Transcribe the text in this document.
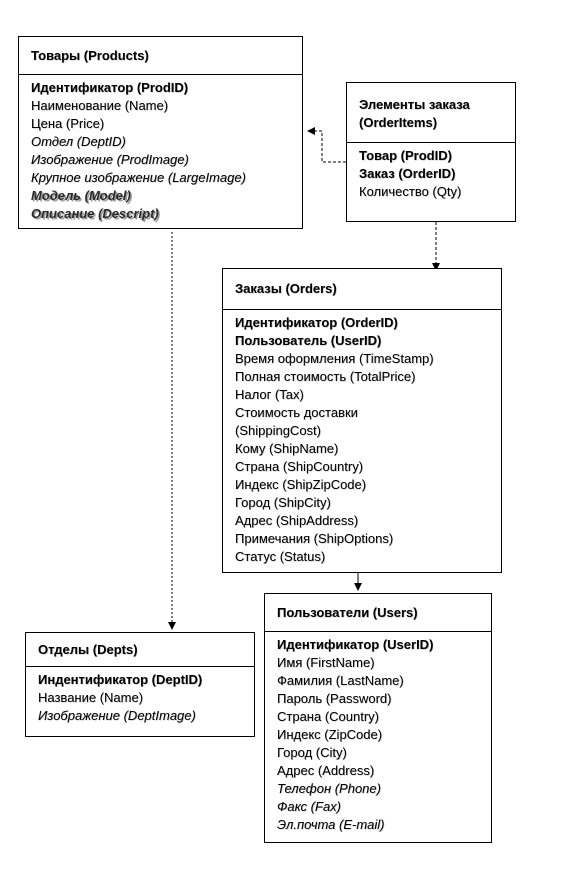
Товары (Products)
Идентификатор (ProdID)
Наименование (Name)
Цена (Price)
Отдел (DeptID)
Изображение (ProdImage)
Крупное изображение (LargeImage)
Модель (Model)
Описание (Descript)
Элементы заказа
(OrderItems)
Товар (ProdID)
Заказ (OrderID)
Количество (Qty)
Заказы (Orders)
Идентификатор (OrderID)
Пользователь (UserID)
Время оформления (TimeStamp)
Полная стоимость (TotalPrice)
Налог (Tax)
Стоимость доставки
(ShippingCost)
Кому (ShipName)
Страна (ShipCountry)
Индекс (ShipZipCode)
Город (ShipCity)
Адрес (ShipAddress)
Примечания (ShipOptions)
Статус (Status)
Отделы (Depts)
Индентификатор (DeptID)
Название (Name)
Изображение (DeptImage)
Пользователи (Users)
Идентификатор (UserID)
Имя (FirstName)
Фамилия (LastName)
Пароль (Password)
Страна (Country)
Индекс (ZipCode)
Город (City)
Адрес (Address)
Телефон (Phone)
Факс (Fax)
Эл.почта (E-mail)
